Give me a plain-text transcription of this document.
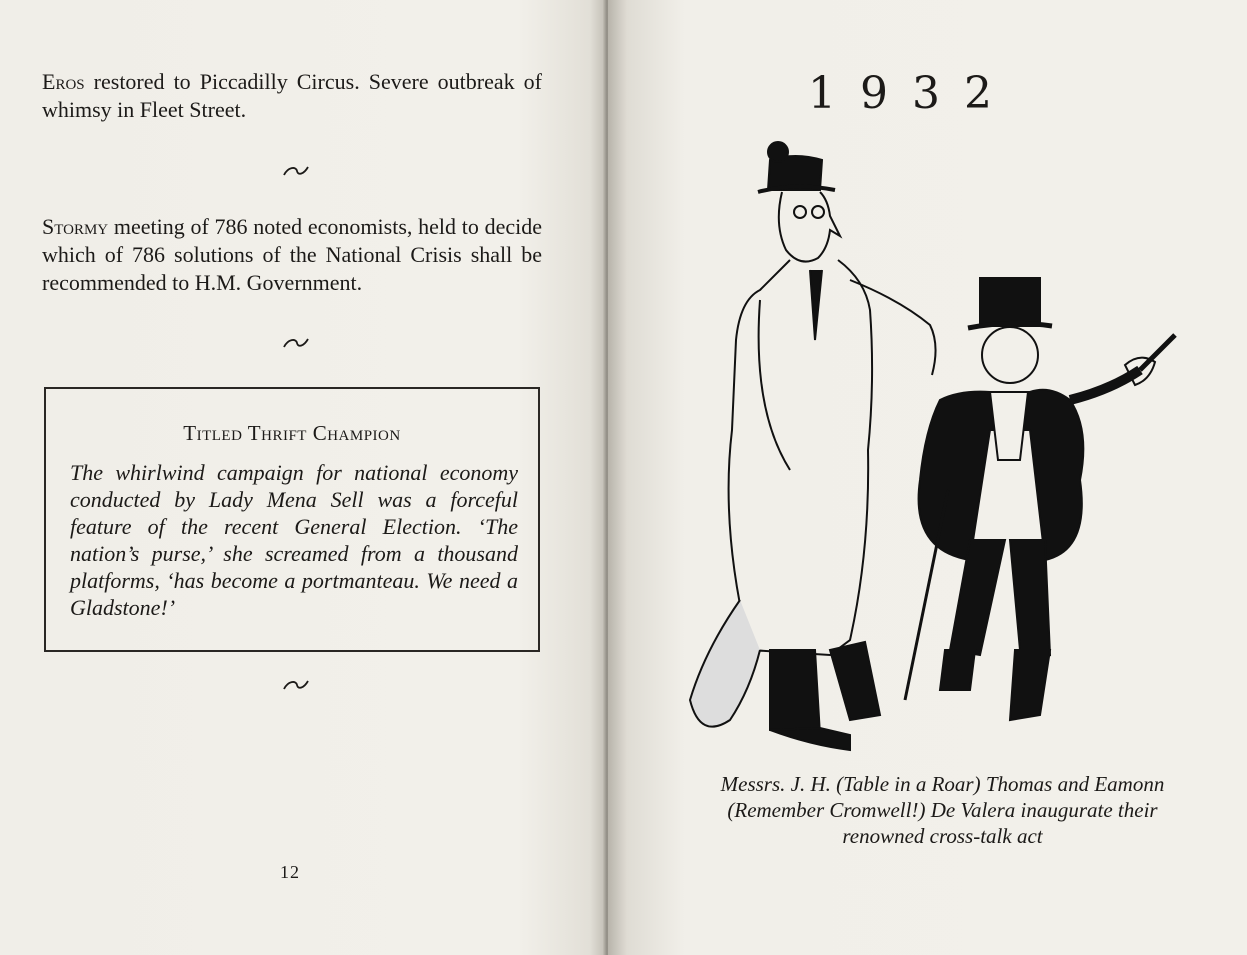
Eros restored to Piccadilly Circus. Severe outbreak of whimsy in Fleet Street.

Stormy meeting of 786 noted economists, held to decide which of 786 solutions of the National Crisis shall be recommended to H.M. Government.

Titled Thrift Champion

The whirlwind campaign for national economy conducted by Lady Mena Sell was a forceful feature of the recent General Election. ‘The nation’s purse,’ she screamed from a thousand platforms, ‘has become a portmanteau. We need a Gladstone!’

12
1932

Messrs. J. H. (Table in a Roar) Thomas and Eamonn (Remember Cromwell!) De Valera inaugurate their renowned cross-talk act
